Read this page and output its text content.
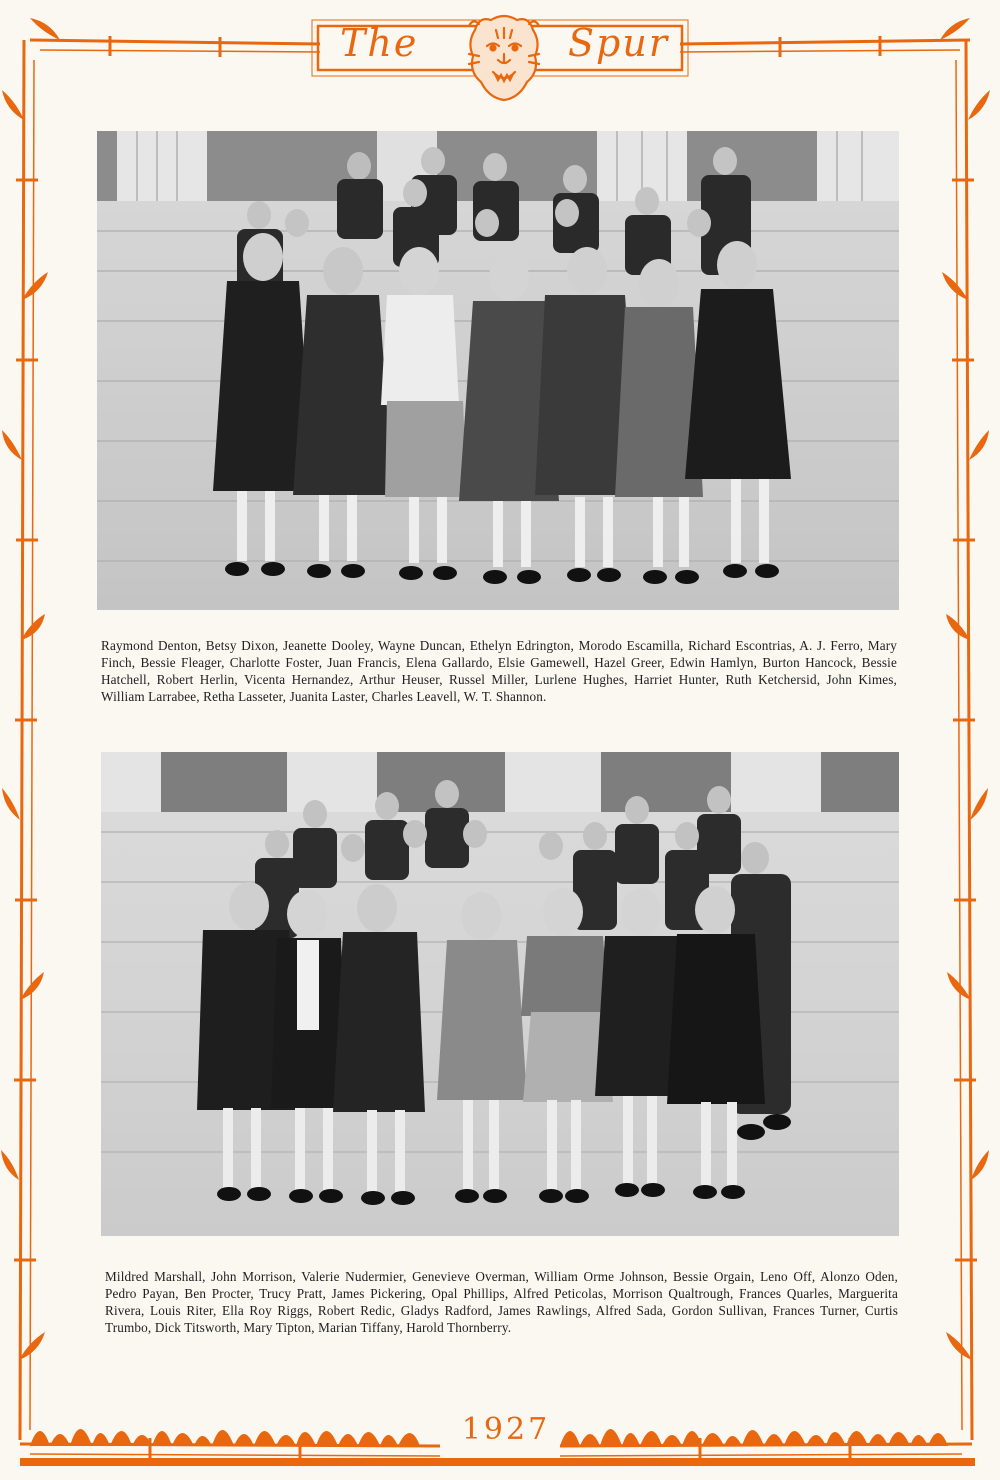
The	Spur

Raymond Denton, Betsy Dixon, Jeanette Dooley, Wayne Duncan, Ethelyn Edrington, Morodo Escamilla, Richard Escontrias, A. J. Ferro, Mary Finch, Bessie Fleager, Charlotte Foster, Juan Francis, Elena Gallardo, Elsie Gamewell, Hazel Greer, Edwin Hamlyn, Burton Hancock, Bessie Hatchell, Robert Herlin, Vicenta Hernandez, Arthur Heuser, Russel Miller, Lurlene Hughes, Harriet Hunter, Ruth Ketchersid, John Kimes, William Larrabee, Retha Lasseter, Juanita Laster, Charles Leavell, W. T. Shannon.

Mildred Marshall, John Morrison, Valerie Nudermier, Genevieve Overman, William Orme Johnson, Bessie Orgain, Leno Off, Alonzo Oden, Pedro Payan, Ben Procter, Trucy Pratt, James Pickering, Opal Phillips, Alfred Peticolas, Morrison Qualtrough, Frances Quarles, Marguerita Rivera, Louis Riter, Ella Roy Riggs, Robert Redic, Gladys Radford, James Rawlings, Alfred Sada, Gordon Sullivan, Frances Turner, Curtis Trumbo, Dick Titsworth, Mary Tipton, Marian Tiffany, Harold Thornberry.

1927
